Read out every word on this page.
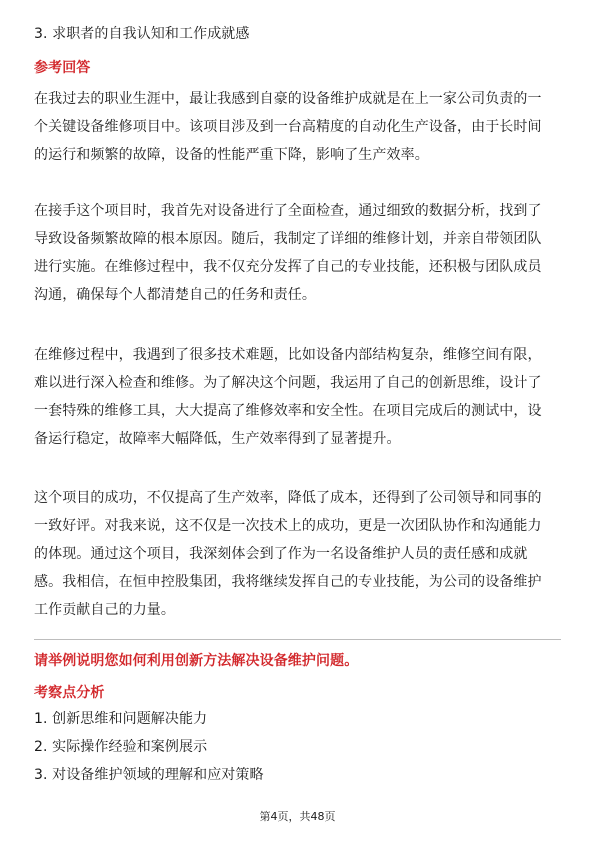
3. 求职者的自我认知和工作成就感
参考回答
在我过去的职业生涯中，最让我感到自豪的设备维护成就是在上一家公司负责的一
个关键设备维修项目中。该项目涉及到一台高精度的自动化生产设备，由于长时间
的运行和频繁的故障，设备的性能严重下降，影响了生产效率。
在接手这个项目时，我首先对设备进行了全面检查，通过细致的数据分析，找到了
导致设备频繁故障的根本原因。随后，我制定了详细的维修计划，并亲自带领团队
进行实施。在维修过程中，我不仅充分发挥了自己的专业技能，还积极与团队成员
沟通，确保每个人都清楚自己的任务和责任。
在维修过程中，我遇到了很多技术难题，比如设备内部结构复杂，维修空间有限，
难以进行深入检查和维修。为了解决这个问题，我运用了自己的创新思维，设计了
一套特殊的维修工具，大大提高了维修效率和安全性。在项目完成后的测试中，设
备运行稳定，故障率大幅降低，生产效率得到了显著提升。
这个项目的成功，不仅提高了生产效率，降低了成本，还得到了公司领导和同事的
一致好评。对我来说，这不仅是一次技术上的成功，更是一次团队协作和沟通能力
的体现。通过这个项目，我深刻体会到了作为一名设备维护人员的责任感和成就
感。我相信，在恒申控股集团，我将继续发挥自己的专业技能，为公司的设备维护
工作贡献自己的力量。
请举例说明您如何利用创新方法解决设备维护问题。
考察点分析
1. 创新思维和问题解决能力
2. 实际操作经验和案例展示
3. 对设备维护领域的理解和应对策略
第4页，共48页
